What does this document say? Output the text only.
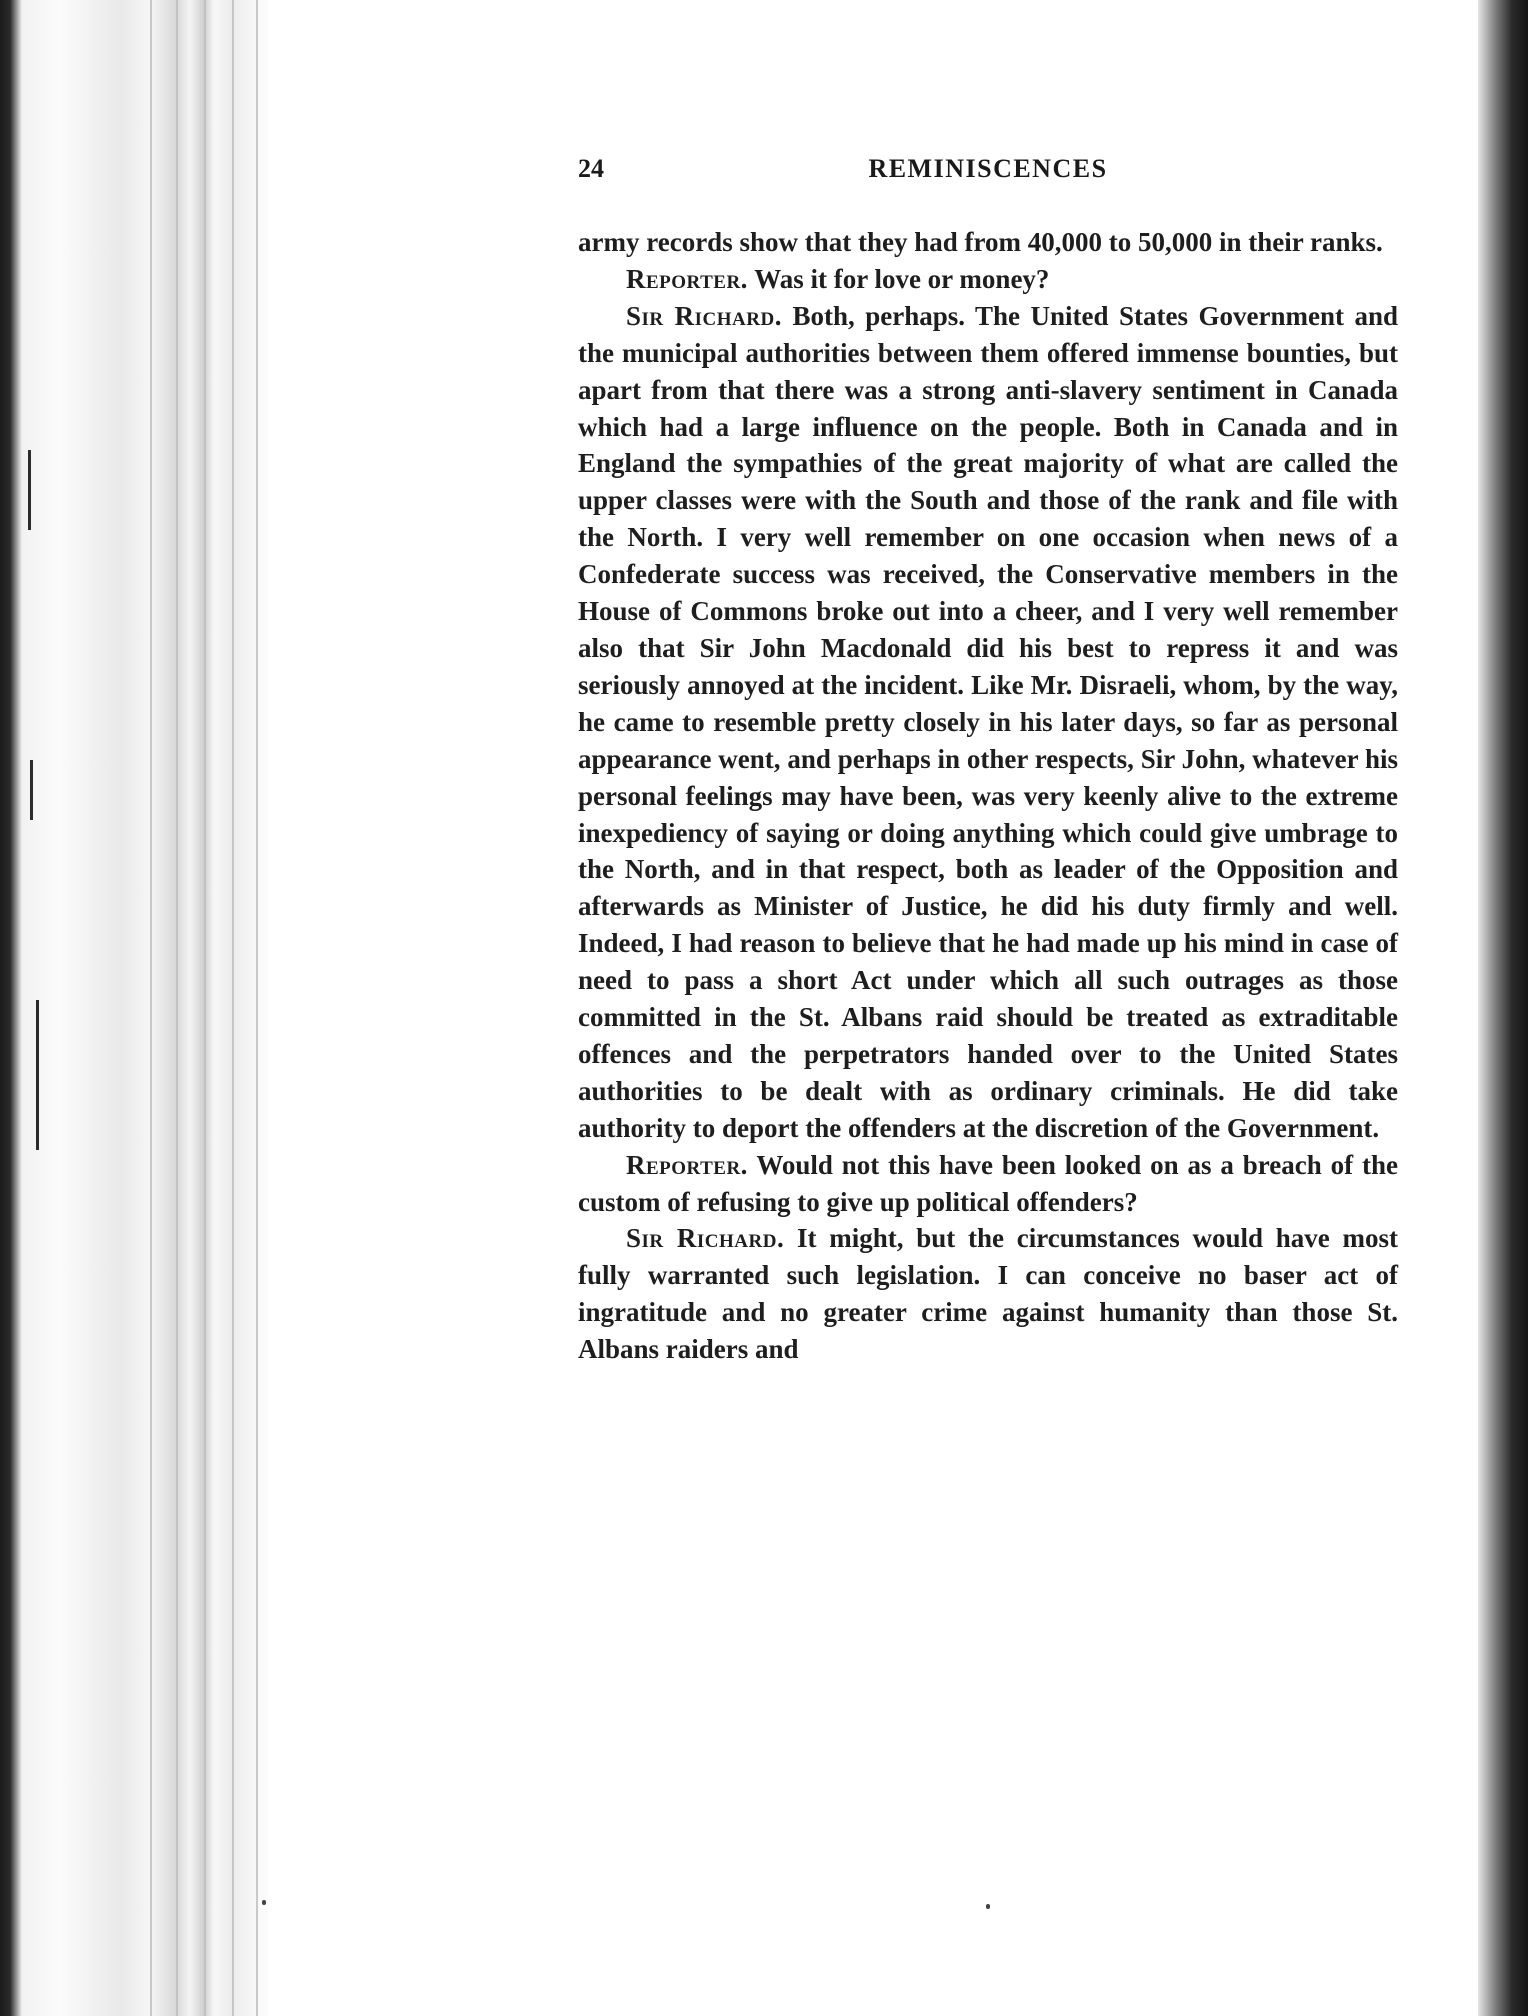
24	REMINISCENCES

army records show that they had from 40,000 to 50,000 in their ranks.

Reporter. Was it for love or money?

Sir Richard. Both, perhaps. The United States Government and the municipal authorities between them offered immense bounties, but apart from that there was a strong anti-slavery sentiment in Canada which had a large influence on the people. Both in Canada and in England the sympathies of the great majority of what are called the upper classes were with the South and those of the rank and file with the North. I very well remember on one occasion when news of a Confederate success was received, the Conservative members in the House of Commons broke out into a cheer, and I very well remember also that Sir John Macdonald did his best to repress it and was seriously annoyed at the incident. Like Mr. Disraeli, whom, by the way, he came to resemble pretty closely in his later days, so far as personal appearance went, and perhaps in other respects, Sir John, whatever his personal feelings may have been, was very keenly alive to the extreme inexpediency of saying or doing anything which could give umbrage to the North, and in that respect, both as leader of the Opposition and afterwards as Minister of Justice, he did his duty firmly and well. Indeed, I had reason to believe that he had made up his mind in case of need to pass a short Act under which all such outrages as those committed in the St. Albans raid should be treated as extraditable offences and the perpetrators handed over to the United States authorities to be dealt with as ordinary criminals. He did take authority to deport the offenders at the discretion of the Government.

Reporter. Would not this have been looked on as a breach of the custom of refusing to give up political offenders?

Sir Richard. It might, but the circumstances would have most fully warranted such legislation. I can conceive no baser act of ingratitude and no greater crime against humanity than those St. Albans raiders and
